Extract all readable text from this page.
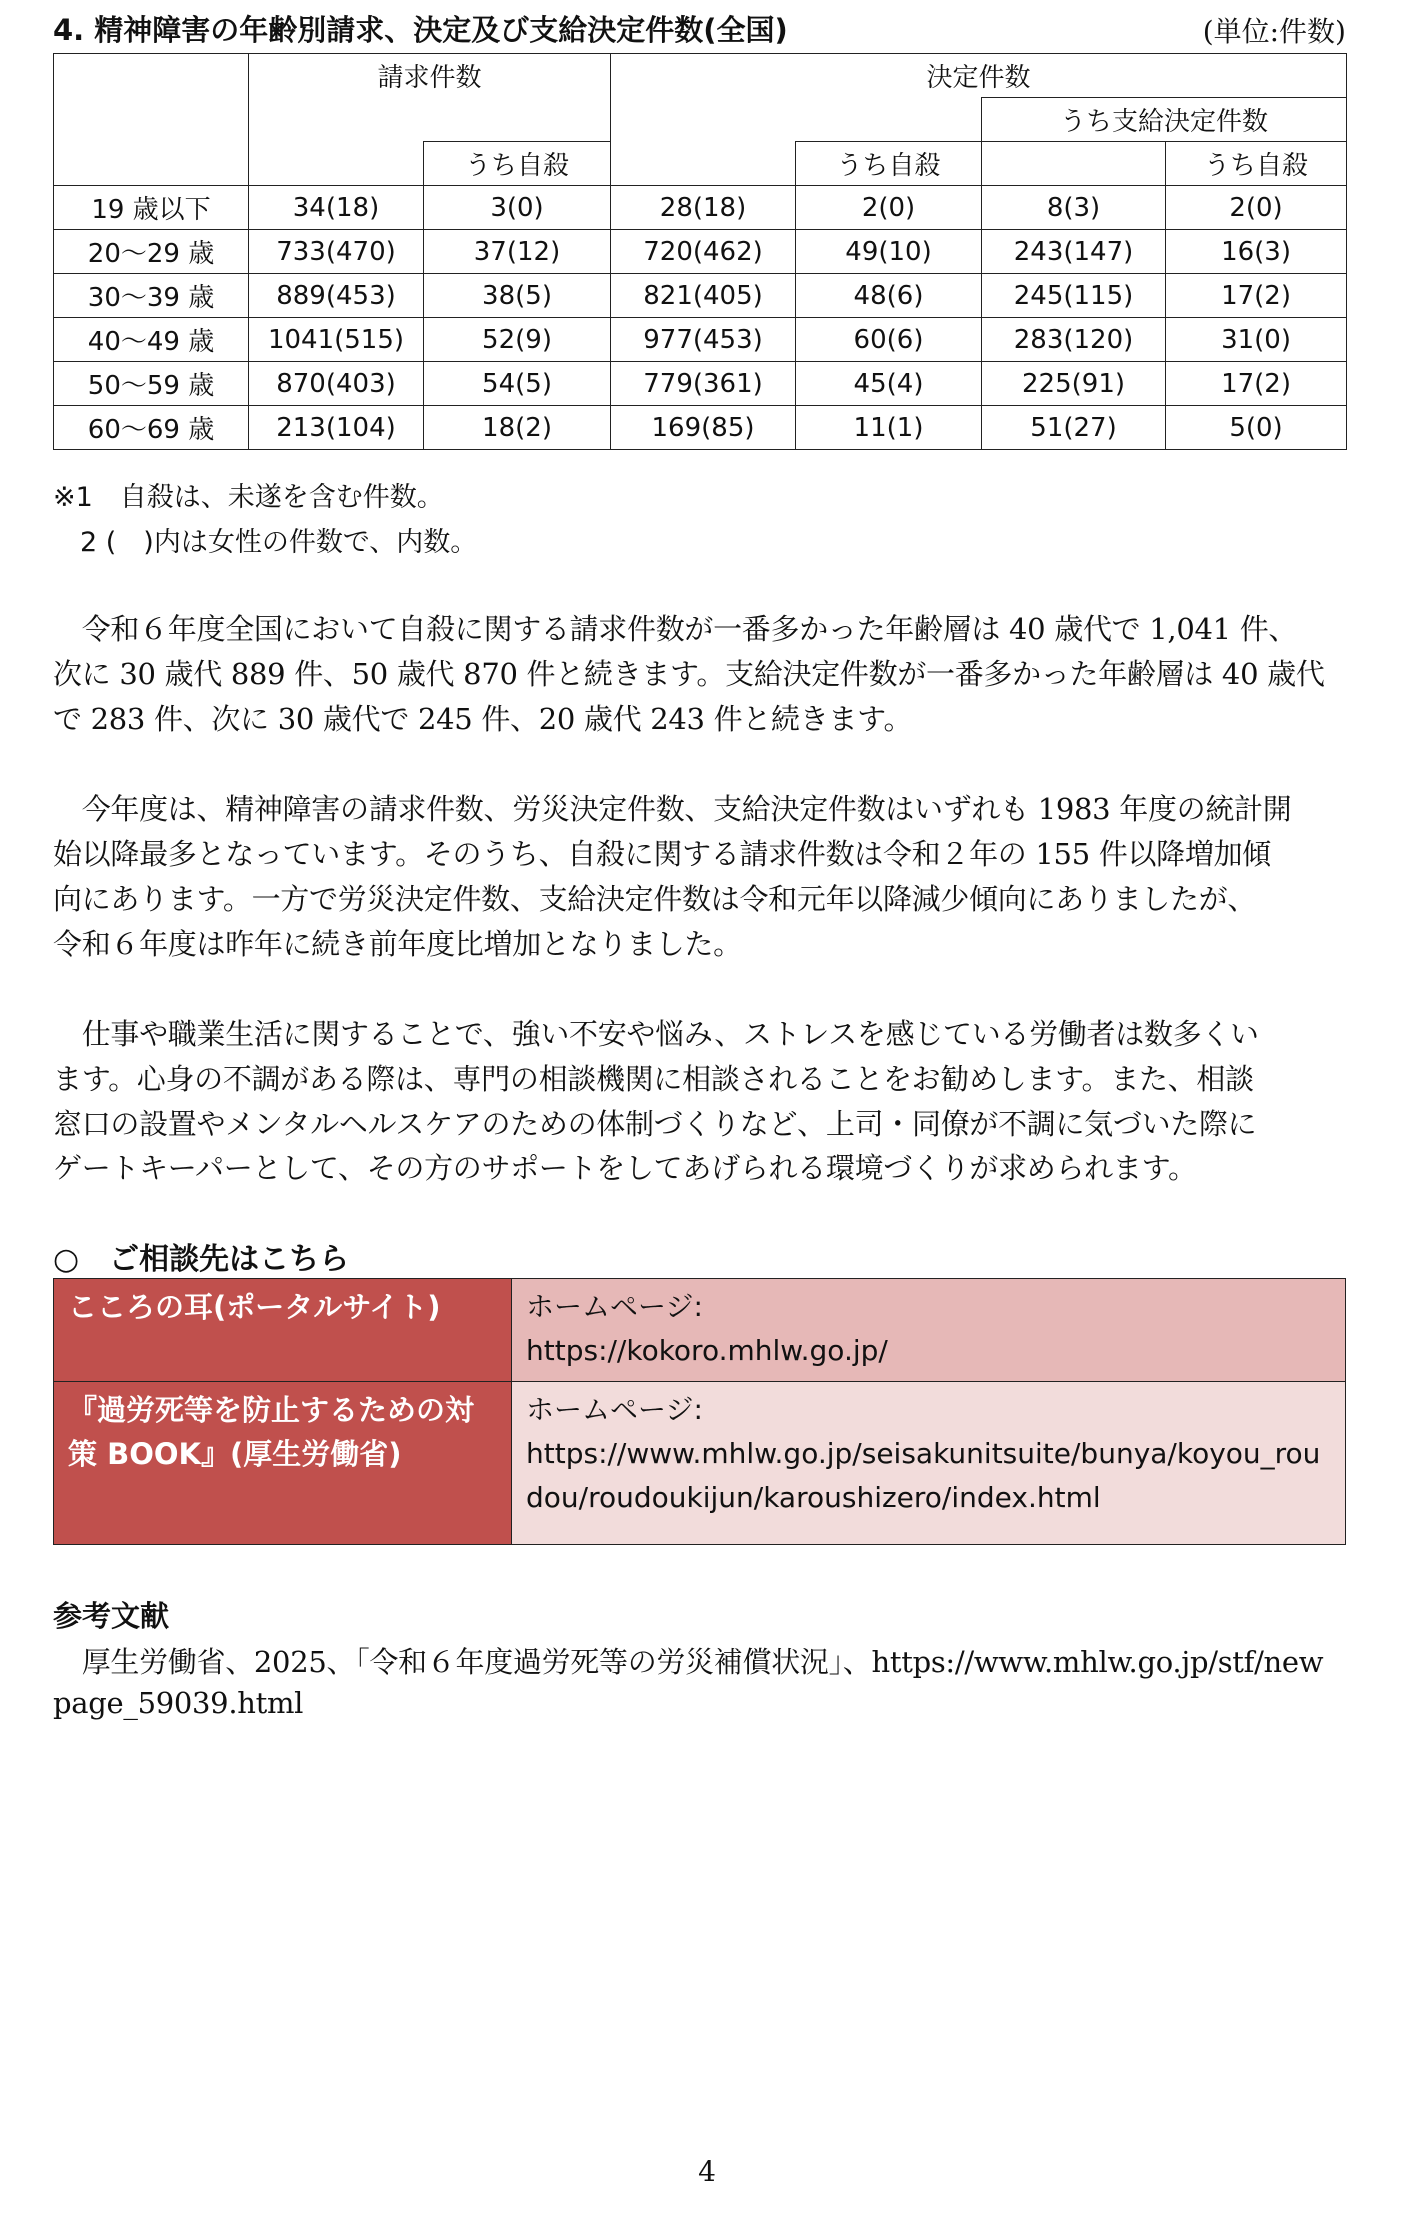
4. 精神障害の年齢別請求、決定及び支給決定件数(全国)	(単位:件数)
	請求件数		決定件数			
					うち支給決定件数	
		うち自殺		うち自殺		うち自殺
19 歳以下	34(18)	3(0)	28(18)	2(0)	8(3)	2(0)
20～29 歳	733(470)	37(12)	720(462)	49(10)	243(147)	16(3)
30～39 歳	889(453)	38(5)	821(405)	48(6)	245(115)	17(2)
40～49 歳	1041(515)	52(9)	977(453)	60(6)	283(120)	31(0)
50～59 歳	870(403)	54(5)	779(361)	45(4)	225(91)	17(2)
60～69 歳	213(104)	18(2)	169(85)	11(1)	51(27)	5(0)
※1　自殺は、未遂を含む件数。
　2 (　)内は女性の件数で、内数。
　令和６年度全国において自殺に関する請求件数が一番多かった年齢層は 40 歳代で 1,041 件、
次に 30 歳代 889 件、50 歳代 870 件と続きます。支給決定件数が一番多かった年齢層は 40 歳代
で 283 件、次に 30 歳代で 245 件、20 歳代 243 件と続きます。
　今年度は、精神障害の請求件数、労災決定件数、支給決定件数はいずれも 1983 年度の統計開
始以降最多となっています。そのうち、自殺に関する請求件数は令和２年の 155 件以降増加傾
向にあります。一方で労災決定件数、支給決定件数は令和元年以降減少傾向にありましたが、
令和６年度は昨年に続き前年度比増加となりました。
　仕事や職業生活に関することで、強い不安や悩み、ストレスを感じている労働者は数多くい
ます。心身の不調がある際は、専門の相談機関に相談されることをお勧めします。また、相談
窓口の設置やメンタルヘルスケアのための体制づくりなど、上司・同僚が不調に気づいた際に
ゲートキーパーとして、その方のサポートをしてあげられる環境づくりが求められます。
○　ご相談先はこちら
こころの耳(ポータルサイト)	ホームページ:
https://kokoro.mhlw.go.jp/

『過労死等を防止するための対策 BOOK』(厚生労働省)	ホームページ:
https://www.mhlw.go.jp/seisakunitsuite/bunya/koyou_roudou/roudoukijun/karoushizero/index.html
参考文献
　厚生労働省、2025、「令和６年度過労死等の労災補償状況」、https://www.mhlw.go.jp/stf/new
page_59039.html
4
